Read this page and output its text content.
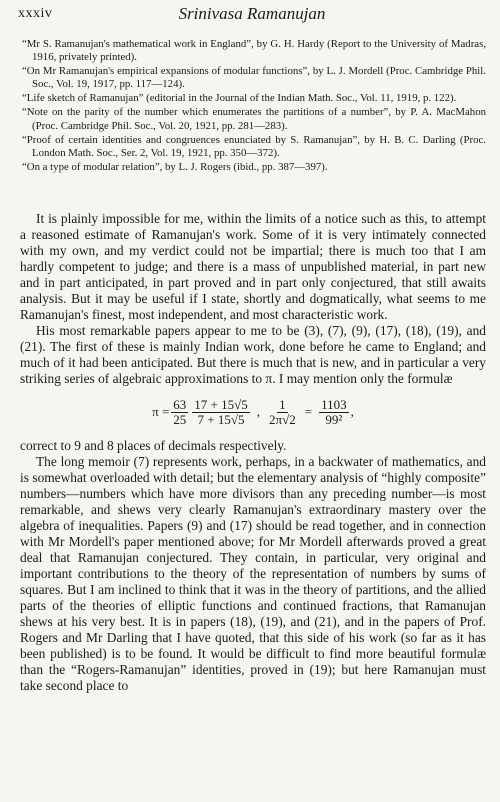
xxxiv	Srinivasa Ramanujan
“Mr S. Ramanujan's mathematical work in England”, by G. H. Hardy (Report to the University of Madras, 1916, privately printed).
“On Mr Ramanujan's empirical expansions of modular functions”, by L. J. Mordell (Proc. Cambridge Phil. Soc., Vol. 19, 1917, pp. 117—124).
“Life sketch of Ramanujan” (editorial in the Journal of the Indian Math. Soc., Vol. 11, 1919, p. 122).
“Note on the parity of the number which enumerates the partitions of a number”, by P. A. MacMahon (Proc. Cambridge Phil. Soc., Vol. 20, 1921, pp. 281—283).
“Proof of certain identities and congruences enunciated by S. Ramanujan”, by H. B. C. Darling (Proc. London Math. Soc., Ser. 2, Vol. 19, 1921, pp. 350—372).
“On a type of modular relation”, by L. J. Rogers (ibid., pp. 387—397).

It is plainly impossible for me, within the limits of a notice such as this, to attempt a reasoned estimate of Ramanujan's work. Some of it is very intimately connected with my own, and my verdict could not be impartial; there is much too that I am hardly competent to judge; and there is a mass of unpublished material, in part new and in part anticipated, in part proved and in part only conjectured, that still awaits analysis. But it may be useful if I state, shortly and dogmatically, what seems to me Ramanujan's finest, most independent, and most characteristic work.

His most remarkable papers appear to me to be (3), (7), (9), (17), (18), (19), and (21). The first of these is mainly Indian work, done before he came to England; and much of it had been anticipated. But there is much that is new, and in particular a very striking series of algebraic approximations to π. I may mention only the formulæ

$\pi = \frac{63}{25} \frac{17 + 15√5}{7 + 15√5}$ , $\frac{1}{2\pi√2} = \frac{1103}{\text{99²}}$ ,

correct to 9 and 8 places of decimals respectively.

The long memoir (7) represents work, perhaps, in a backwater of mathematics, and is somewhat overloaded with detail; but the elementary analysis of “highly composite” numbers—numbers which have more divisors than any preceding number—is most remarkable, and shews very clearly Ramanujan's extraordinary mastery over the algebra of inequalities. Papers (9) and (17) should be read together, and in connection with Mr Mordell's paper mentioned above; for Mr Mordell afterwards proved a great deal that Ramanujan conjectured. They contain, in particular, very original and important contributions to the theory of the representation of numbers by sums of squares. But I am inclined to think that it was in the theory of partitions, and the allied parts of the theories of elliptic functions and continued fractions, that Ramanujan shews at his very best. It is in papers (18), (19), and (21), and in the papers of Prof. Rogers and Mr Darling that I have quoted, that this side of his work (so far as it has been published) is to be found. It would be difficult to find more beautiful formulæ than the “Rogers-Ramanujan” identities, proved in (19); but here Ramanujan must take second place to
